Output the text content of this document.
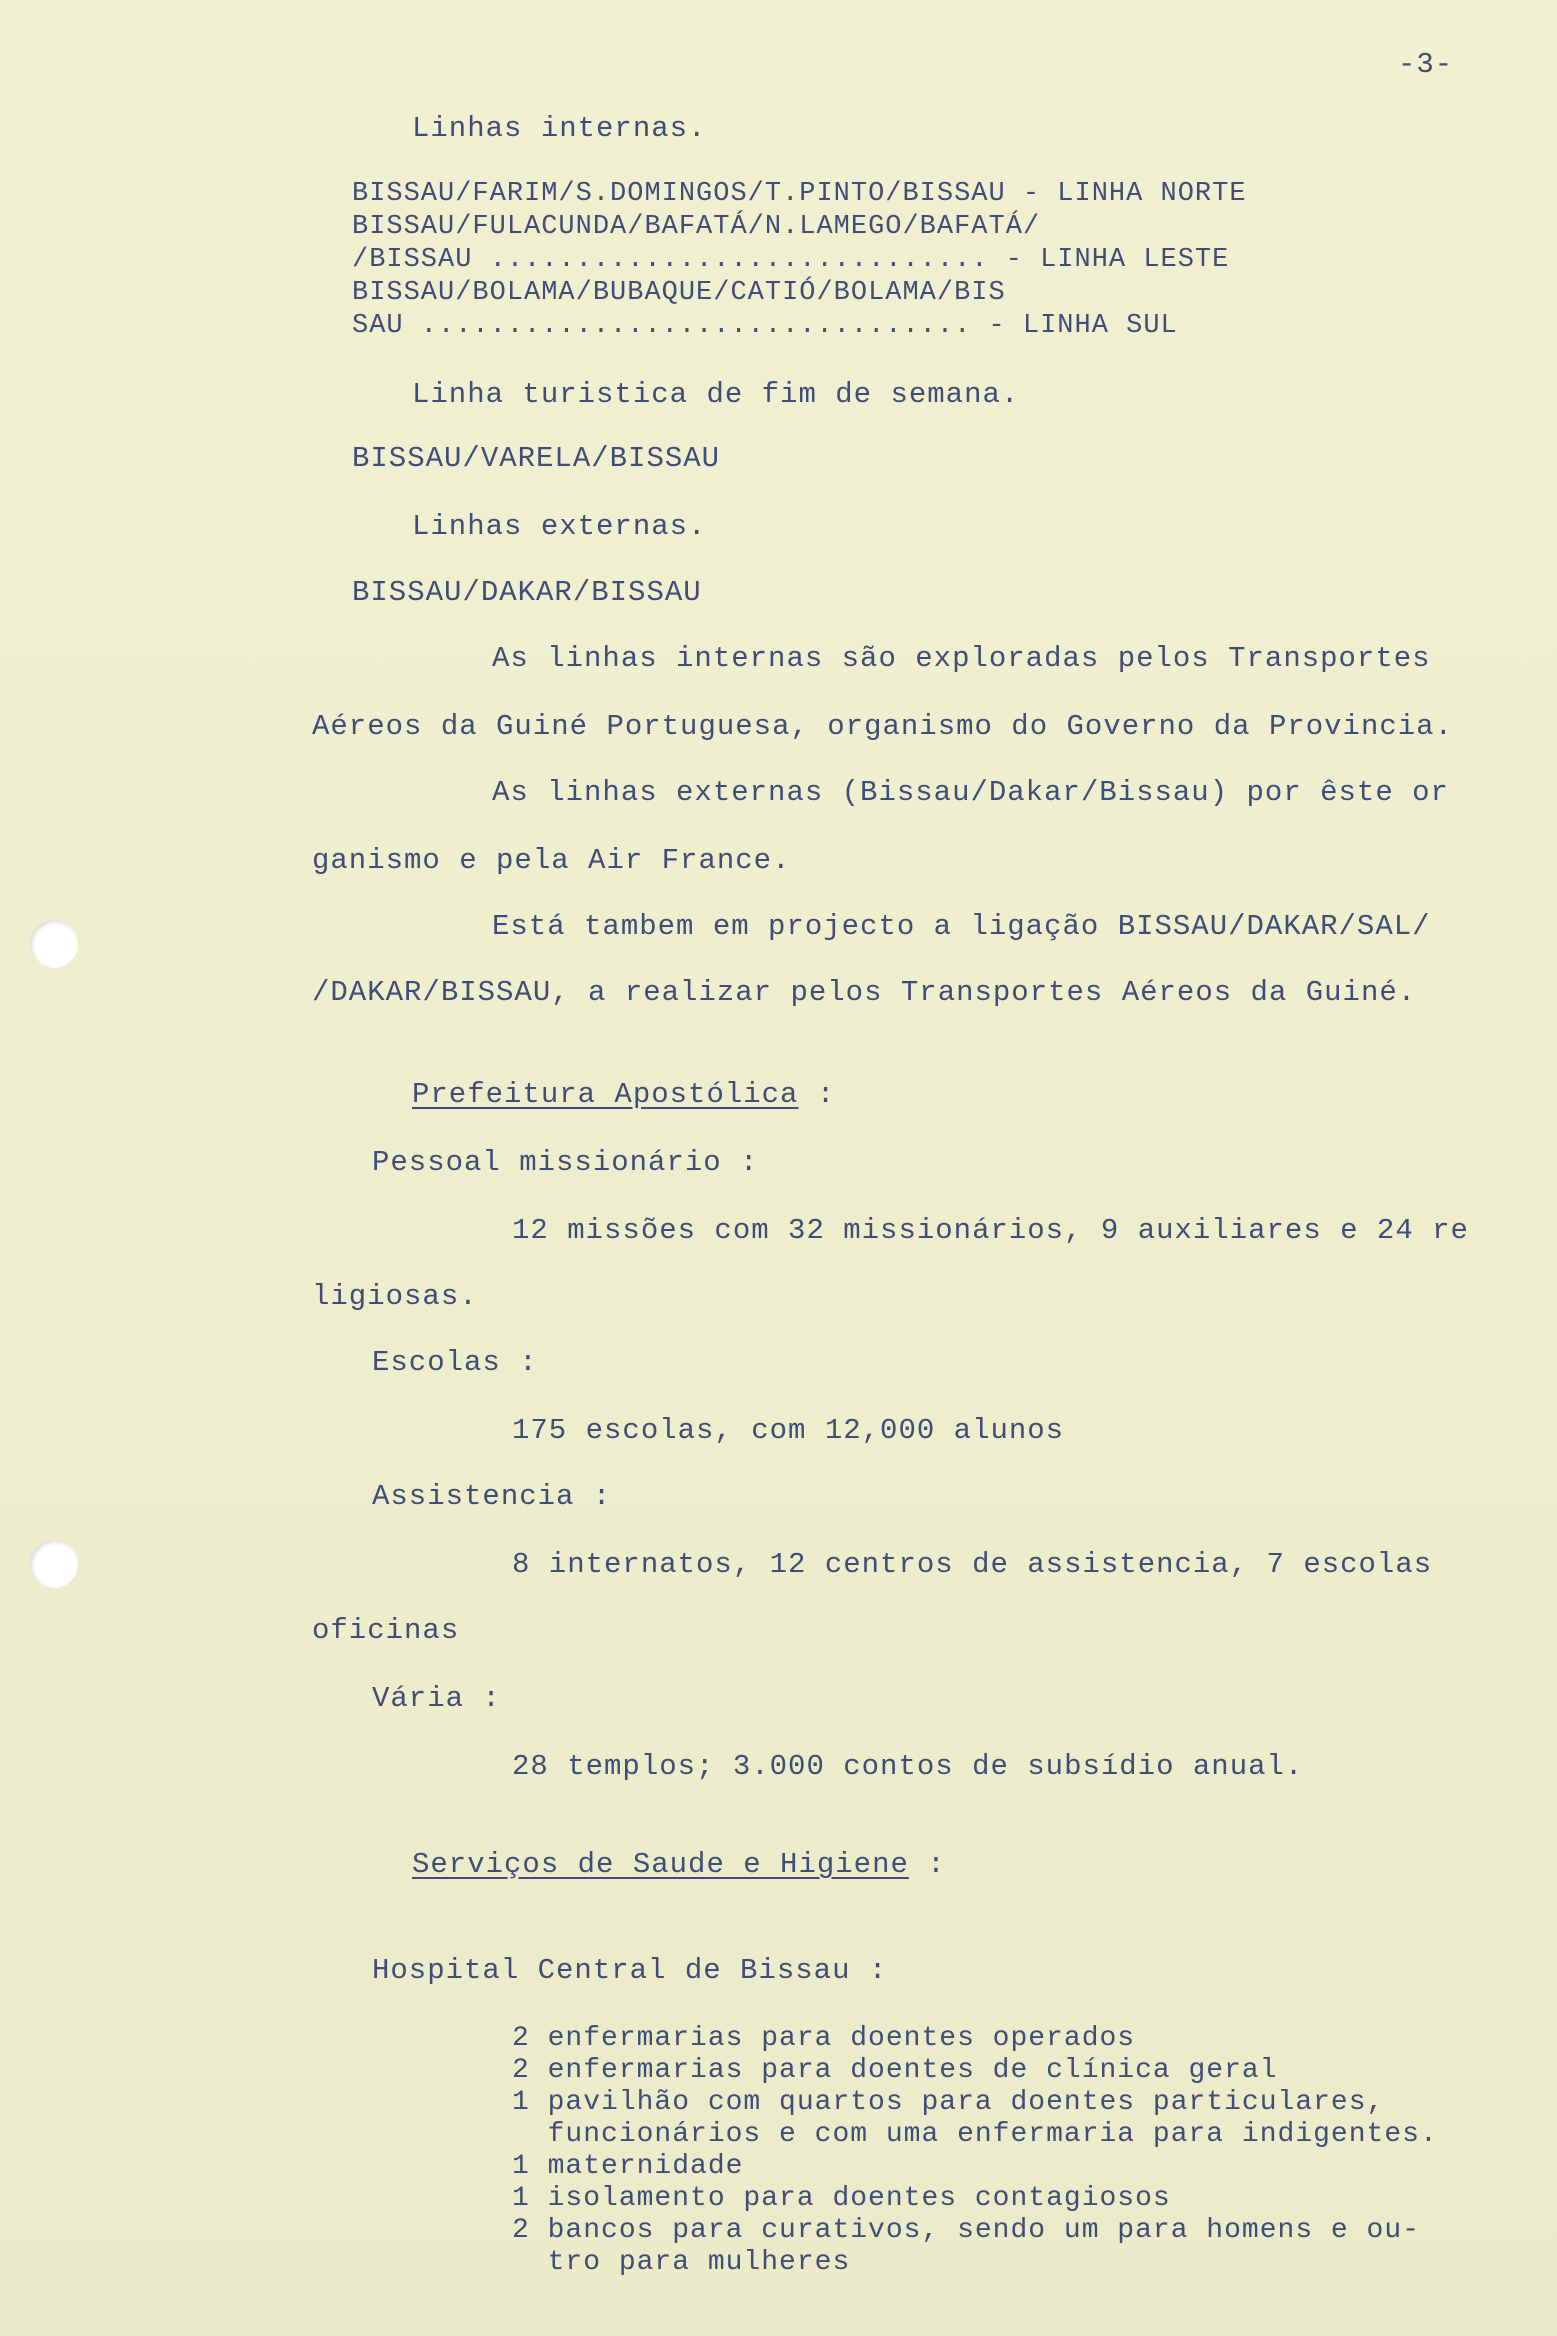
-3-
Linhas internas.
BISSAU/FARIM/S.DOMINGOS/T.PINTO/BISSAU - LINHA NORTE
BISSAU/FULACUNDA/BAFATÁ/N.LAMEGO/BAFATÁ/
/BISSAU ............................. - LINHA LESTE
BISSAU/BOLAMA/BUBAQUE/CATIÓ/BOLAMA/BIS
SAU ................................ - LINHA SUL
Linha turistica de fim de semana.
BISSAU/VARELA/BISSAU
Linhas externas.
BISSAU/DAKAR/BISSAU
As linhas internas são exploradas pelos Transportes
Aéreos da Guiné Portuguesa, organismo do Governo da Provincia.
As linhas externas (Bissau/Dakar/Bissau) por êste or
ganismo e pela Air France.
Está tambem em projecto a ligação BISSAU/DAKAR/SAL/
/DAKAR/BISSAU, a realizar pelos Transportes Aéreos da Guiné.
Prefeitura Apostólica :
Pessoal missionário :
12 missões com 32 missionários, 9 auxiliares e 24 re
ligiosas.
Escolas :
175 escolas, com 12,000 alunos
Assistencia :
8 internatos, 12 centros de assistencia, 7 escolas
oficinas
Vária :
28 templos; 3.000 contos de subsídio anual.
Serviços de Saude e Higiene :
Hospital Central de Bissau :
2 enfermarias para doentes operados
2 enfermarias para doentes de clínica geral
1 pavilhão com quartos para doentes particulares,
funcionários e com uma enfermaria para indigentes.
1 maternidade
1 isolamento para doentes contagiosos
2 bancos para curativos, sendo um para homens e ou-
tro para mulheres
